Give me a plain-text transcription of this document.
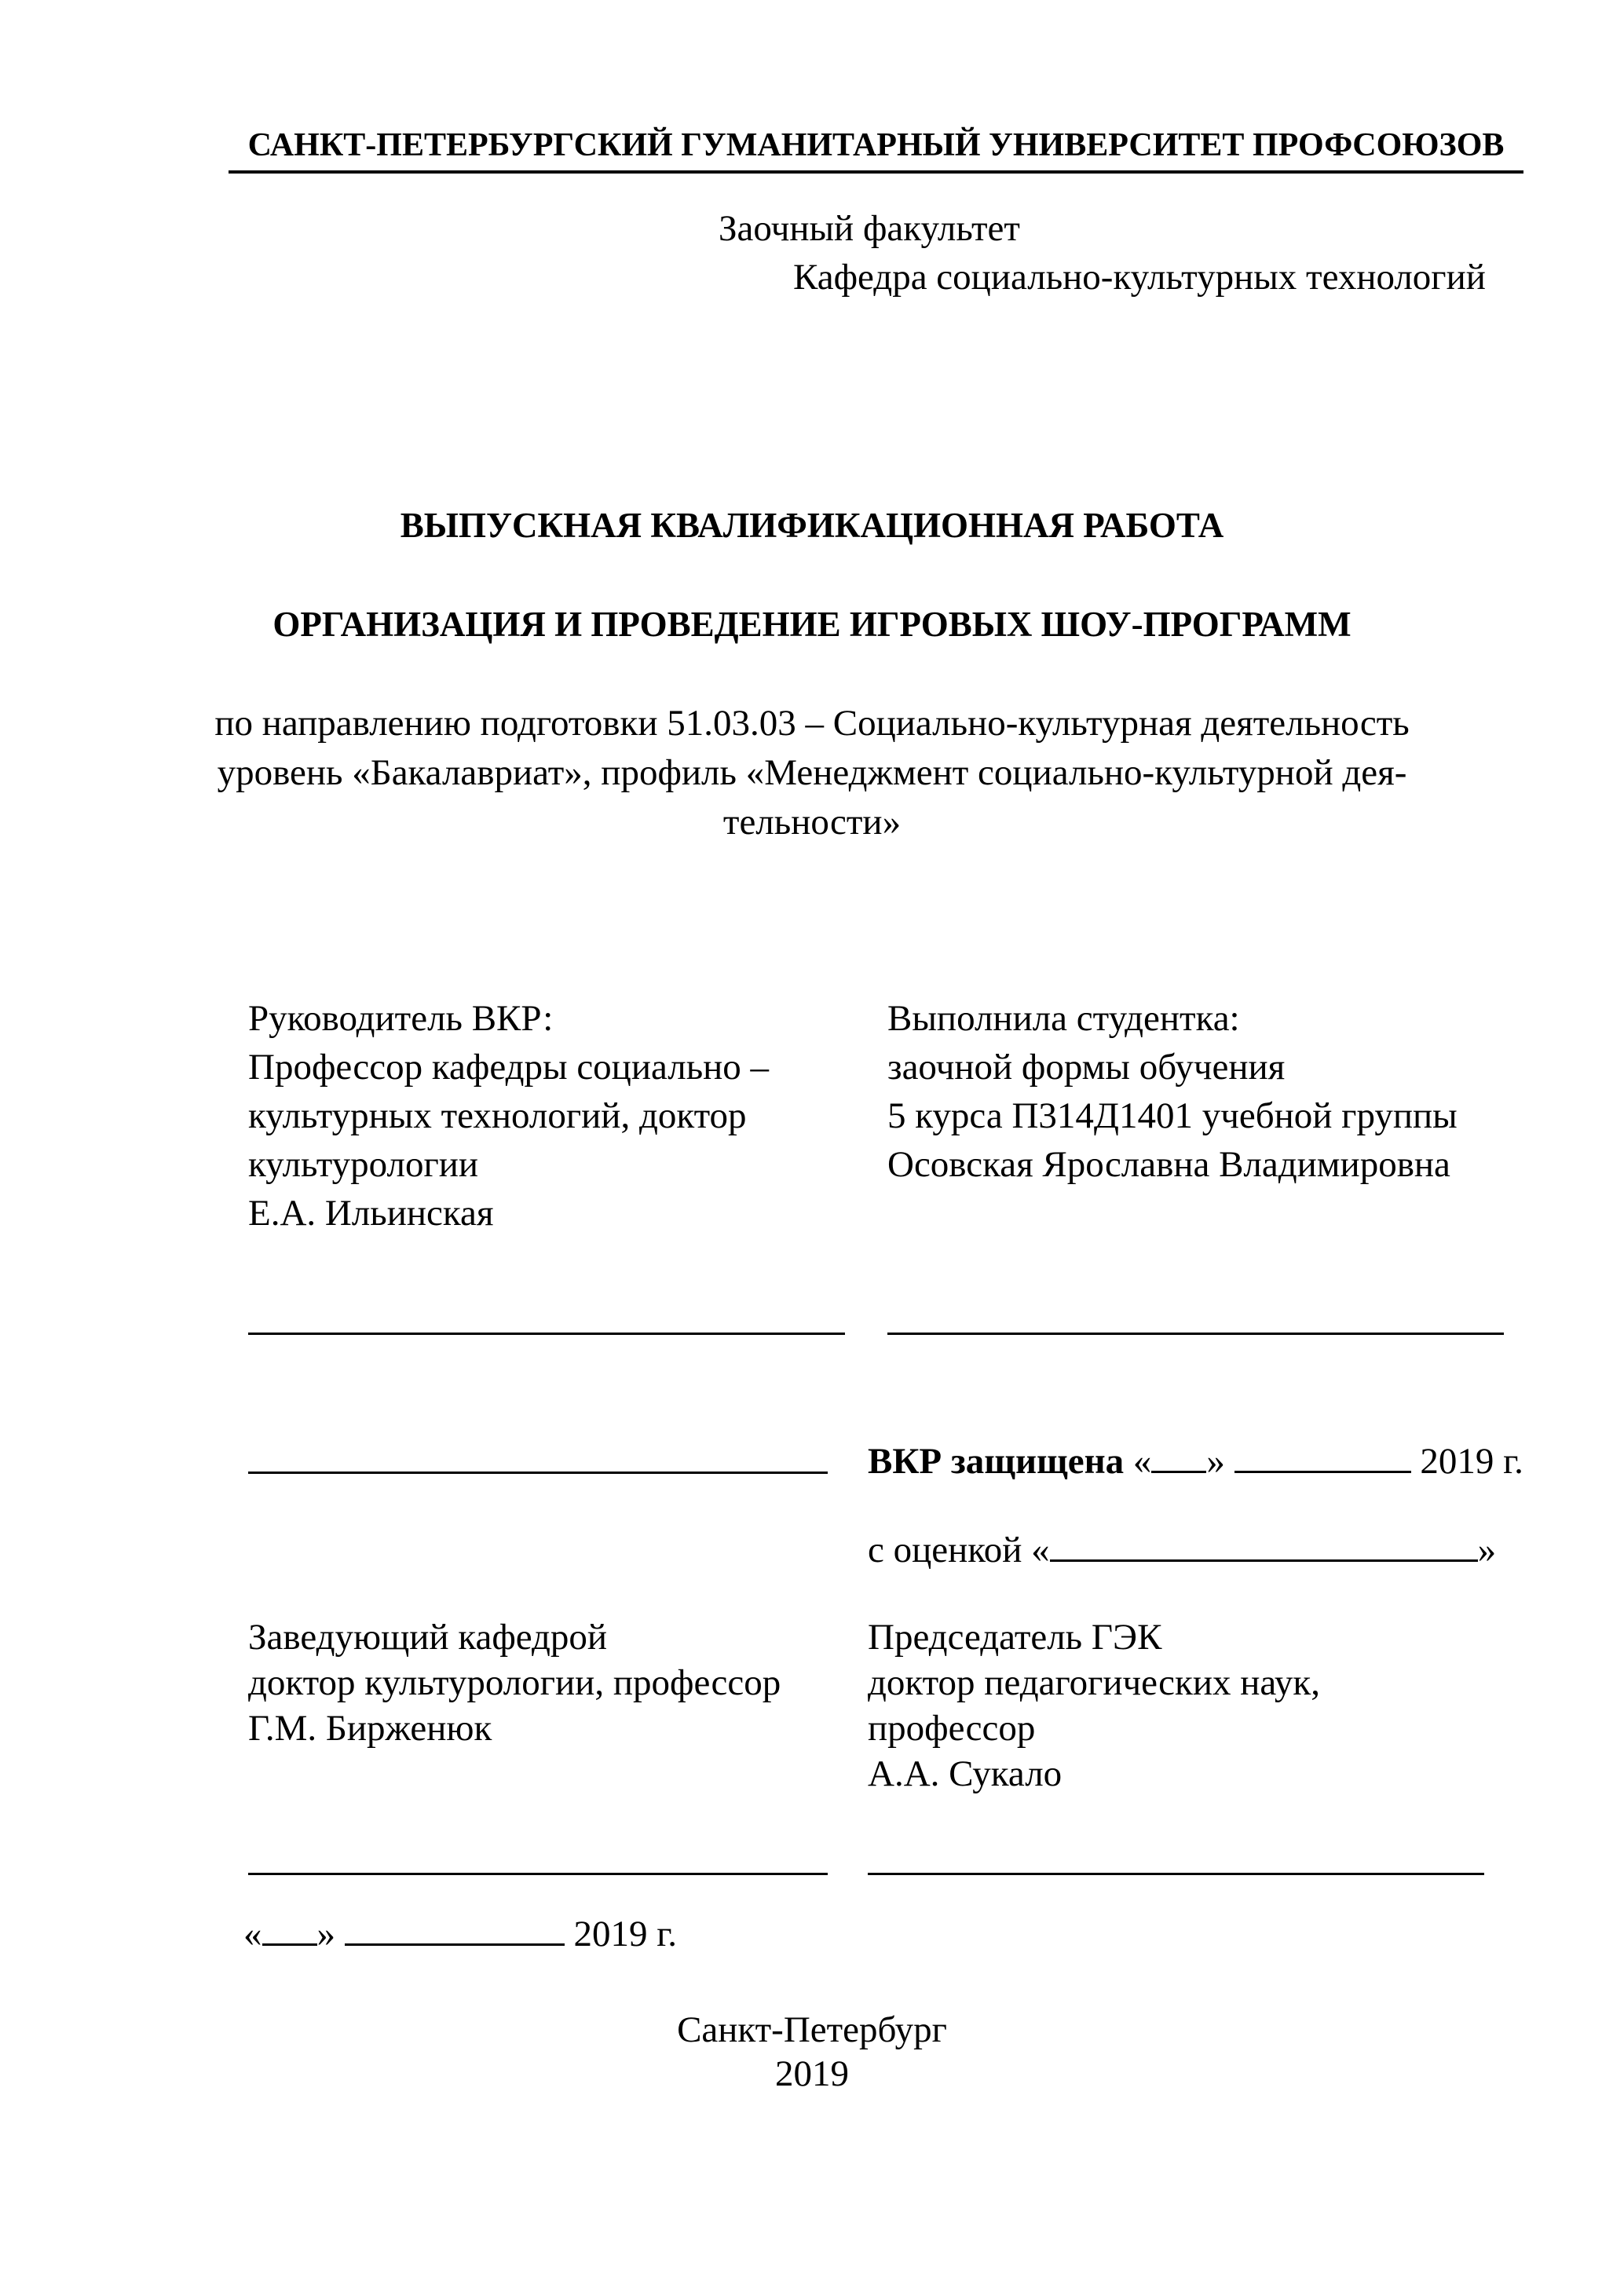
САНКТ-ПЕТЕРБУРГСКИЙ ГУМАНИТАРНЫЙ УНИВЕРСИТЕТ ПРОФСОЮЗОВ
Заочный факультет
Кафедра социально-культурных технологий
ВЫПУСКНАЯ КВАЛИФИКАЦИОННАЯ РАБОТА
ОРГАНИЗАЦИЯ И ПРОВЕДЕНИЕ ИГРОВЫХ ШОУ-ПРОГРАММ
по направлению подготовки 51.03.03 – Социально-культурная деятельность
уровень «Бакалавриат», профиль «Менеджмент социально-культурной дея-
тельности»
Руководитель ВКР:
Профессор кафедры социально –
культурных технологий, доктор
культурологии
Е.А. Ильинская
Выполнила студентка:
заочной формы обучения
5 курса П314Д1401 учебной группы
Осовская Ярославна Владимировна
ВКР защищена « »	2019 г.
с оценкой «	»
Заведующий кафедрой
доктор культурологии, профессор
Г.М. Бирженюк
Председатель ГЭК
доктор педагогических наук,
профессор
А.А. Сукало
« »	2019 г.
Санкт-Петербург
2019
